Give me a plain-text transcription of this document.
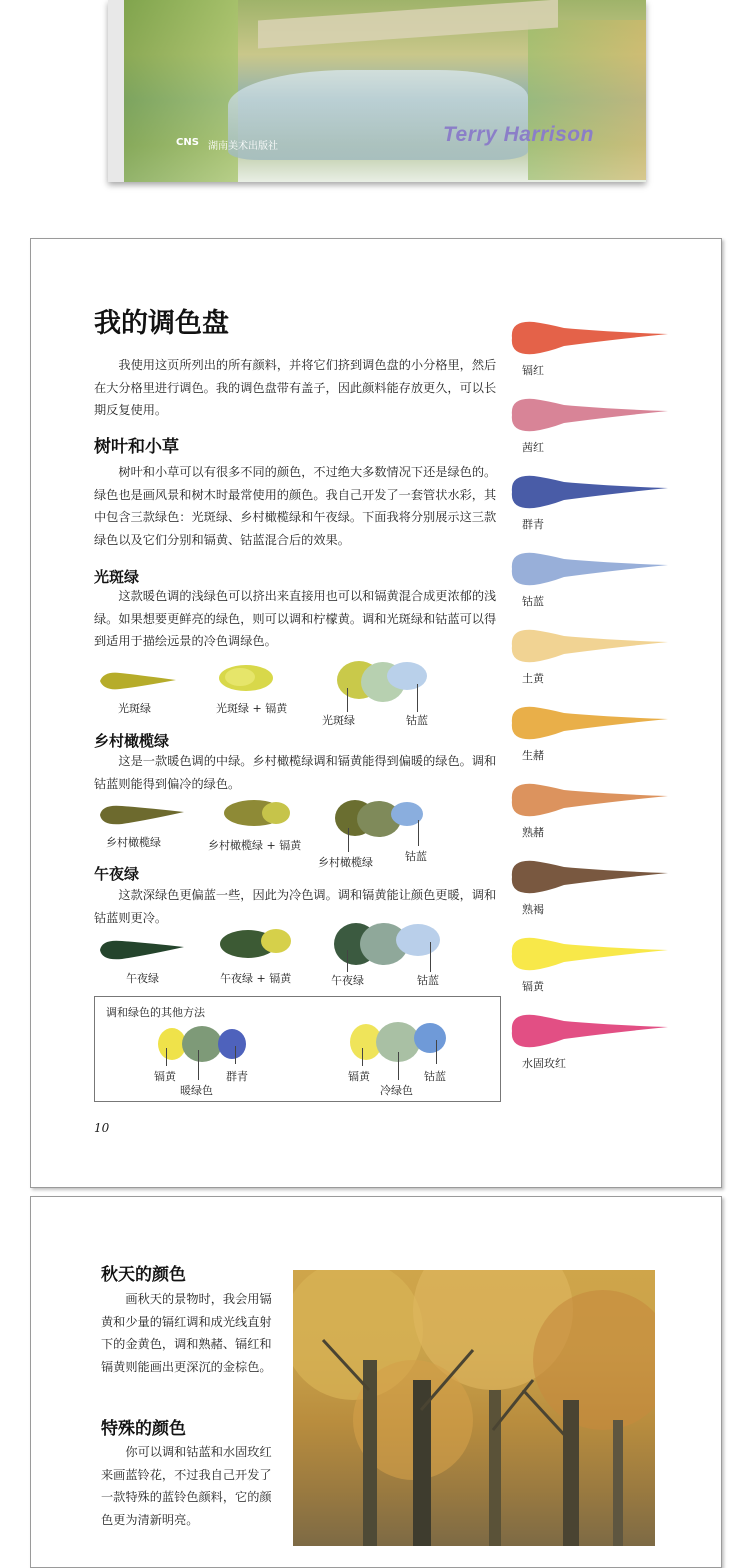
CNS 湖南美术出版社
Terry Harrison
我的调色盘
我使用这页所列出的所有颜料，并将它们挤到调色盘的小分格里，然后在大分格里进行调色。我的调色盘带有盖子，因此颜料能存放更久，可以长期反复使用。
树叶和小草
树叶和小草可以有很多不同的颜色，不过绝大多数情况下还是绿色的。绿色也是画风景和树木时最常使用的颜色。我自己开发了一套管状水彩，其中包含三款绿色：光斑绿、乡村橄榄绿和午夜绿。下面我将分别展示这三款绿色以及它们分别和镉黄、钴蓝混合后的效果。
光斑绿
这款暖色调的浅绿色可以挤出来直接用也可以和镉黄混合成更浓郁的浅绿。如果想要更鲜亮的绿色，则可以调和柠檬黄。调和光斑绿和钴蓝可以得到适用于描绘远景的冷色调绿色。
光斑绿	光斑绿 + 镉黄
光斑绿	钴蓝
乡村橄榄绿
这是一款暖色调的中绿。乡村橄榄绿调和镉黄能得到偏暖的绿色。调和钴蓝则能得到偏冷的绿色。
乡村橄榄绿	乡村橄榄绿 + 镉黄
乡村橄榄绿	钴蓝
午夜绿
这款深绿色更偏蓝一些，因此为冷色调。调和镉黄能让颜色更暖，调和钴蓝则更冷。
午夜绿	午夜绿 + 镉黄	午夜绿	钴蓝
调和绿色的其他方法
镉黄
暖绿色
群青	镉黄
冷绿色
钴蓝
10
镉红
茜红
群青
钴蓝
土黄
生赭
熟赭
熟褐
镉黄
水固玫红
秋天的颜色
画秋天的景物时，我会用镉黄和少量的镉红调和成光线直射下的金黄色，调和熟赭、镉红和镉黄则能画出更深沉的金棕色。
特殊的颜色
你可以调和钴蓝和水固玫红来画蓝铃花，不过我自己开发了一款特殊的蓝铃色颜料，它的颜色更为清新明亮。
